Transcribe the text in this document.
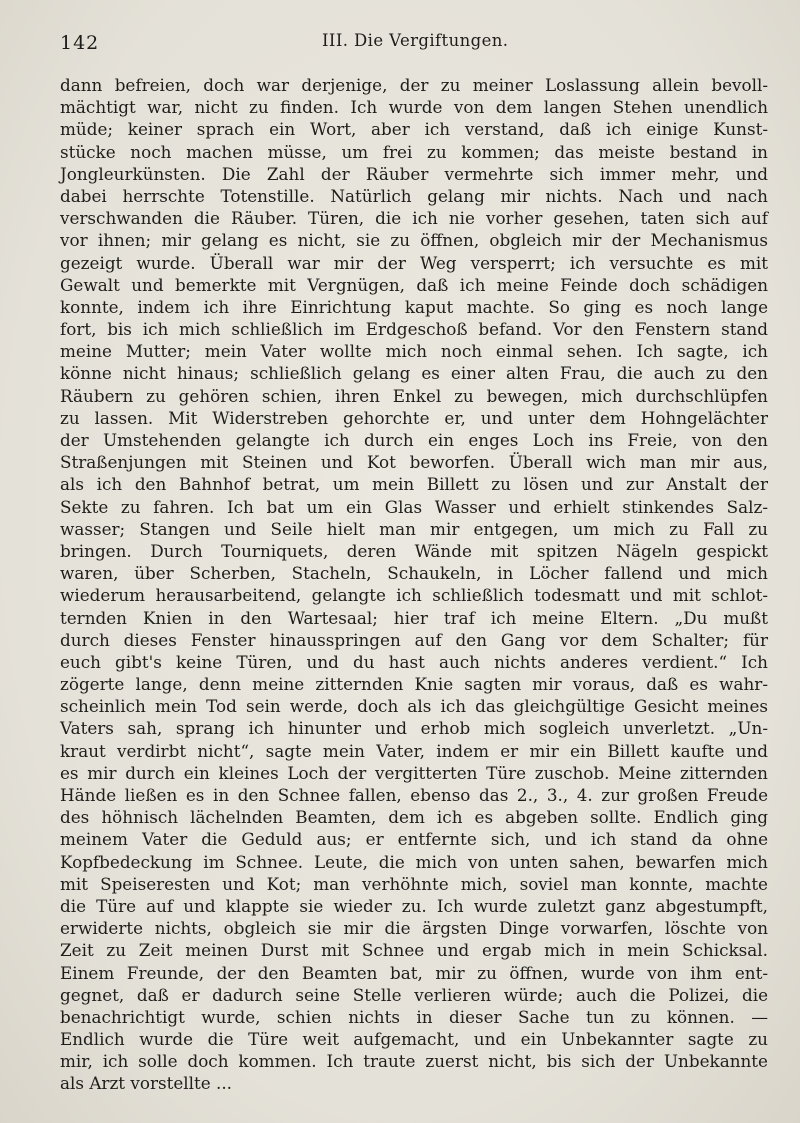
142	III. Die Vergiftungen.
dann befreien, doch war derjenige, der zu meiner Loslassung allein bevoll-
mächtigt war, nicht zu finden. Ich wurde von dem langen Stehen unendlich
müde; keiner sprach ein Wort, aber ich verstand, daß ich einige Kunst-
stücke noch machen müsse, um frei zu kommen; das meiste bestand in
Jongleurkünsten. Die Zahl der Räuber vermehrte sich immer mehr, und
dabei herrschte Totenstille. Natürlich gelang mir nichts. Nach und nach
verschwanden die Räuber. Türen, die ich nie vorher gesehen, taten sich auf
vor ihnen; mir gelang es nicht, sie zu öffnen, obgleich mir der Mechanismus
gezeigt wurde. Überall war mir der Weg versperrt; ich versuchte es mit
Gewalt und bemerkte mit Vergnügen, daß ich meine Feinde doch schädigen
konnte, indem ich ihre Einrichtung kaput machte. So ging es noch lange
fort, bis ich mich schließlich im Erdgeschoß befand. Vor den Fenstern stand
meine Mutter; mein Vater wollte mich noch einmal sehen. Ich sagte, ich
könne nicht hinaus; schließlich gelang es einer alten Frau, die auch zu den
Räubern zu gehören schien, ihren Enkel zu bewegen, mich durchschlüpfen
zu lassen. Mit Widerstreben gehorchte er, und unter dem Hohngelächter
der Umstehenden gelangte ich durch ein enges Loch ins Freie, von den
Straßenjungen mit Steinen und Kot beworfen. Überall wich man mir aus,
als ich den Bahnhof betrat, um mein Billett zu lösen und zur Anstalt der
Sekte zu fahren. Ich bat um ein Glas Wasser und erhielt stinkendes Salz-
wasser; Stangen und Seile hielt man mir entgegen, um mich zu Fall zu
bringen. Durch Tourniquets, deren Wände mit spitzen Nägeln gespickt
waren, über Scherben, Stacheln, Schaukeln, in Löcher fallend und mich
wiederum herausarbeitend, gelangte ich schließlich todesmatt und mit schlot-
ternden Knien in den Wartesaal; hier traf ich meine Eltern. „Du mußt
durch dieses Fenster hinausspringen auf den Gang vor dem Schalter; für
euch gibt's keine Türen, und du hast auch nichts anderes verdient.“ Ich
zögerte lange, denn meine zitternden Knie sagten mir voraus, daß es wahr-
scheinlich mein Tod sein werde, doch als ich das gleichgültige Gesicht meines
Vaters sah, sprang ich hinunter und erhob mich sogleich unverletzt. „Un-
kraut verdirbt nicht“, sagte mein Vater, indem er mir ein Billett kaufte und
es mir durch ein kleines Loch der vergitterten Türe zuschob. Meine zitternden
Hände ließen es in den Schnee fallen, ebenso das 2., 3., 4. zur großen Freude
des höhnisch lächelnden Beamten, dem ich es abgeben sollte. Endlich ging
meinem Vater die Geduld aus; er entfernte sich, und ich stand da ohne
Kopfbedeckung im Schnee. Leute, die mich von unten sahen, bewarfen mich
mit Speiseresten und Kot; man verhöhnte mich, soviel man konnte, machte
die Türe auf und klappte sie wieder zu. Ich wurde zuletzt ganz abgestumpft,
erwiderte nichts, obgleich sie mir die ärgsten Dinge vorwarfen, löschte von
Zeit zu Zeit meinen Durst mit Schnee und ergab mich in mein Schicksal.
Einem Freunde, der den Beamten bat, mir zu öffnen, wurde von ihm ent-
gegnet, daß er dadurch seine Stelle verlieren würde; auch die Polizei, die
benachrichtigt wurde, schien nichts in dieser Sache tun zu können. —
Endlich wurde die Türe weit aufgemacht, und ein Unbekannter sagte zu
mir, ich solle doch kommen. Ich traute zuerst nicht, bis sich der Unbekannte
als Arzt vorstellte ...
